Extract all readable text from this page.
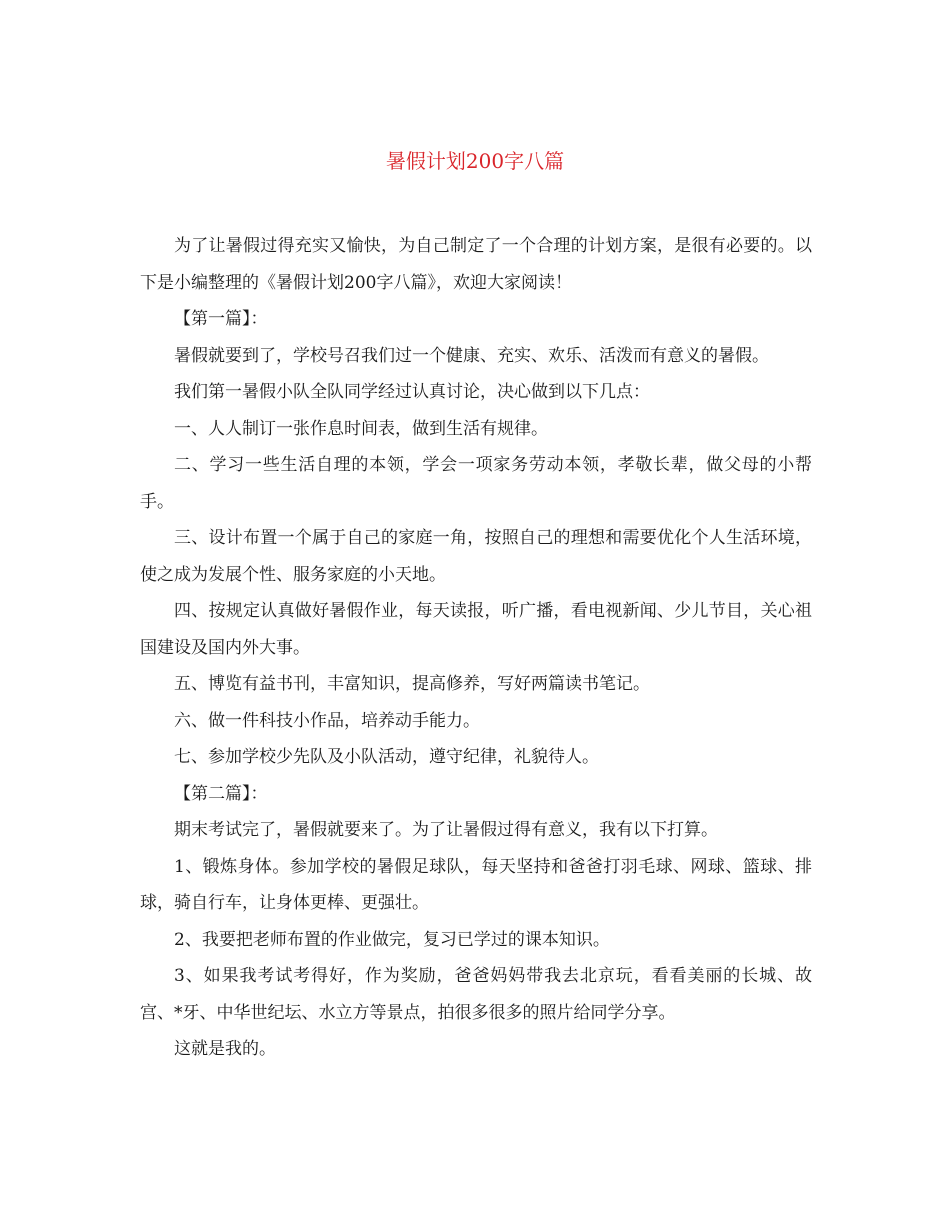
暑假计划200字八篇

为了让暑假过得充实又愉快，为自己制定了一个合理的计划方案，是很有必要的。以下是小编整理的《暑假计划200字八篇》，欢迎大家阅读！

【第一篇】：

暑假就要到了，学校号召我们过一个健康、充实、欢乐、活泼而有意义的暑假。

我们第一暑假小队全队同学经过认真讨论，决心做到以下几点：

一、人人制订一张作息时间表，做到生活有规律。

二、学习一些生活自理的本领，学会一项家务劳动本领，孝敬长辈，做父母的小帮手。

三、设计布置一个属于自己的家庭一角，按照自己的理想和需要优化个人生活环境，使之成为发展个性、服务家庭的小天地。

四、按规定认真做好暑假作业，每天读报，听广播，看电视新闻、少儿节目，关心祖国建设及国内外大事。

五、博览有益书刊，丰富知识，提高修养，写好两篇读书笔记。

六、做一件科技小作品，培养动手能力。

七、参加学校少先队及小队活动，遵守纪律，礼貌待人。

【第二篇】：

期末考试完了，暑假就要来了。为了让暑假过得有意义，我有以下打算。

1、锻炼身体。参加学校的暑假足球队，每天坚持和爸爸打羽毛球、网球、篮球、排球，骑自行车，让身体更棒、更强壮。

2、我要把老师布置的作业做完，复习已学过的课本知识。

3、如果我考试考得好，作为奖励，爸爸妈妈带我去北京玩，看看美丽的长城、故宫、*牙、中华世纪坛、水立方等景点，拍很多很多的照片给同学分享。

这就是我的。
